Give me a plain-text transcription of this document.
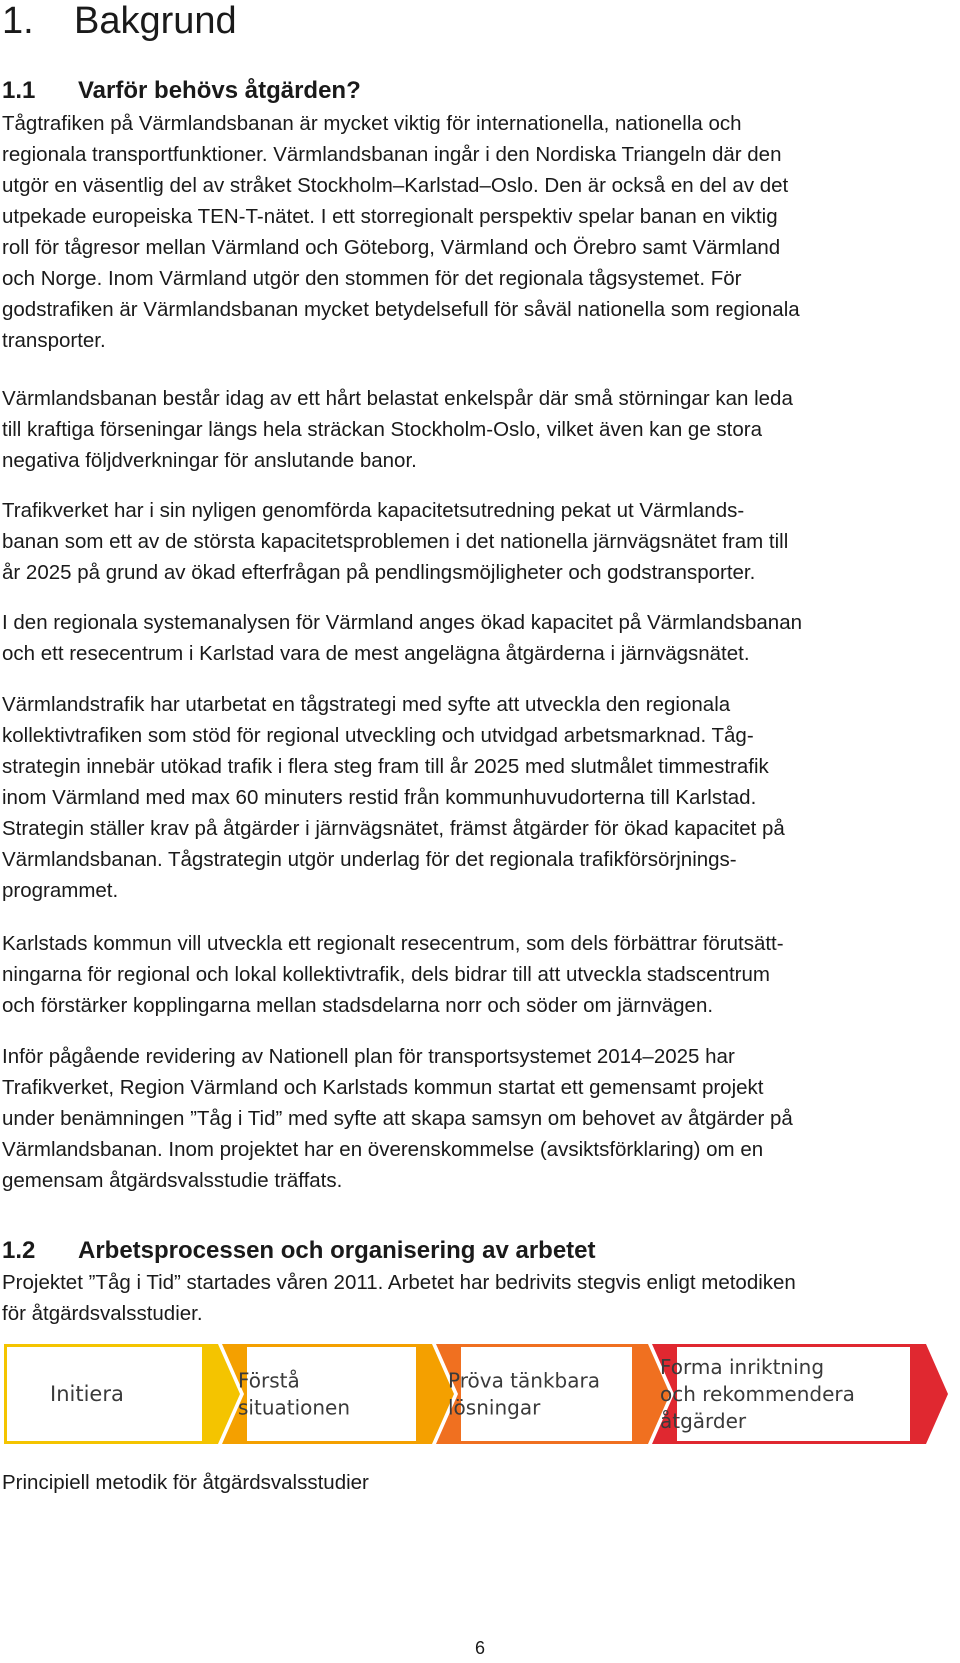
1. Bakgrund
1.1 Varför behövs åtgärden?
Tågtrafiken på Värmlandsbanan är mycket viktig för internationella, nationella och
regionala transportfunktioner. Värmlandsbanan ingår i den Nordiska Triangeln där den
utgör en väsentlig del av stråket Stockholm–Karlstad–Oslo. Den är också en del av det
utpekade europeiska TEN-T-nätet. I ett storregionalt perspektiv spelar banan en viktig
roll för tågresor mellan Värmland och Göteborg, Värmland och Örebro samt Värmland
och Norge. Inom Värmland utgör den stommen för det regionala tågsystemet. För
godstrafiken är Värmlandsbanan mycket betydelsefull för såväl nationella som regionala
transporter.
Värmlandsbanan består idag av ett hårt belastat enkelspår där små störningar kan leda
till kraftiga förseningar längs hela sträckan Stockholm-Oslo, vilket även kan ge stora
negativa följdverkningar för anslutande banor.
Trafikverket har i sin nyligen genomförda kapacitetsutredning pekat ut Värmlands-
banan som ett av de största kapacitetsproblemen i det nationella järnvägsnätet fram till
år 2025 på grund av ökad efterfrågan på pendlingsmöjligheter och godstransporter.
I den regionala systemanalysen för Värmland anges ökad kapacitet på Värmlandsbanan
och ett resecentrum i Karlstad vara de mest angelägna åtgärderna i järnvägsnätet.
Värmlandstrafik har utarbetat en tågstrategi med syfte att utveckla den regionala
kollektivtrafiken som stöd för regional utveckling och utvidgad arbetsmarknad. Tåg-
strategin innebär utökad trafik i flera steg fram till år 2025 med slutmålet timmestrafik
inom Värmland med max 60 minuters restid från kommunhuvudorterna till Karlstad.
Strategin ställer krav på åtgärder i järnvägsnätet, främst åtgärder för ökad kapacitet på
Värmlandsbanan. Tågstrategin utgör underlag för det regionala trafikförsörjnings-
programmet.
Karlstads kommun vill utveckla ett regionalt resecentrum, som dels förbättrar förutsätt-
ningarna för regional och lokal kollektivtrafik, dels bidrar till att utveckla stadscentrum
och förstärker kopplingarna mellan stadsdelarna norr och söder om järnvägen.
Inför pågående revidering av Nationell plan för transportsystemet 2014–2025 har
Trafikverket, Region Värmland och Karlstads kommun startat ett gemensamt projekt
under benämningen ”Tåg i Tid” med syfte att skapa samsyn om behovet av åtgärder på
Värmlandsbanan. Inom projektet har en överenskommelse (avsiktsförklaring) om en
gemensam åtgärdsvalsstudie träffats.
1.2 Arbetsprocessen och organisering av arbetet
Projektet ”Tåg i Tid” startades våren 2011. Arbetet har bedrivits stegvis enligt metodiken
för åtgärdsvalsstudier.
Initiera
Förstå
situationen
Pröva tänkbara
lösningar
Forma inriktning
och rekommendera
åtgärder
Principiell metodik för åtgärdsvalsstudier
6
